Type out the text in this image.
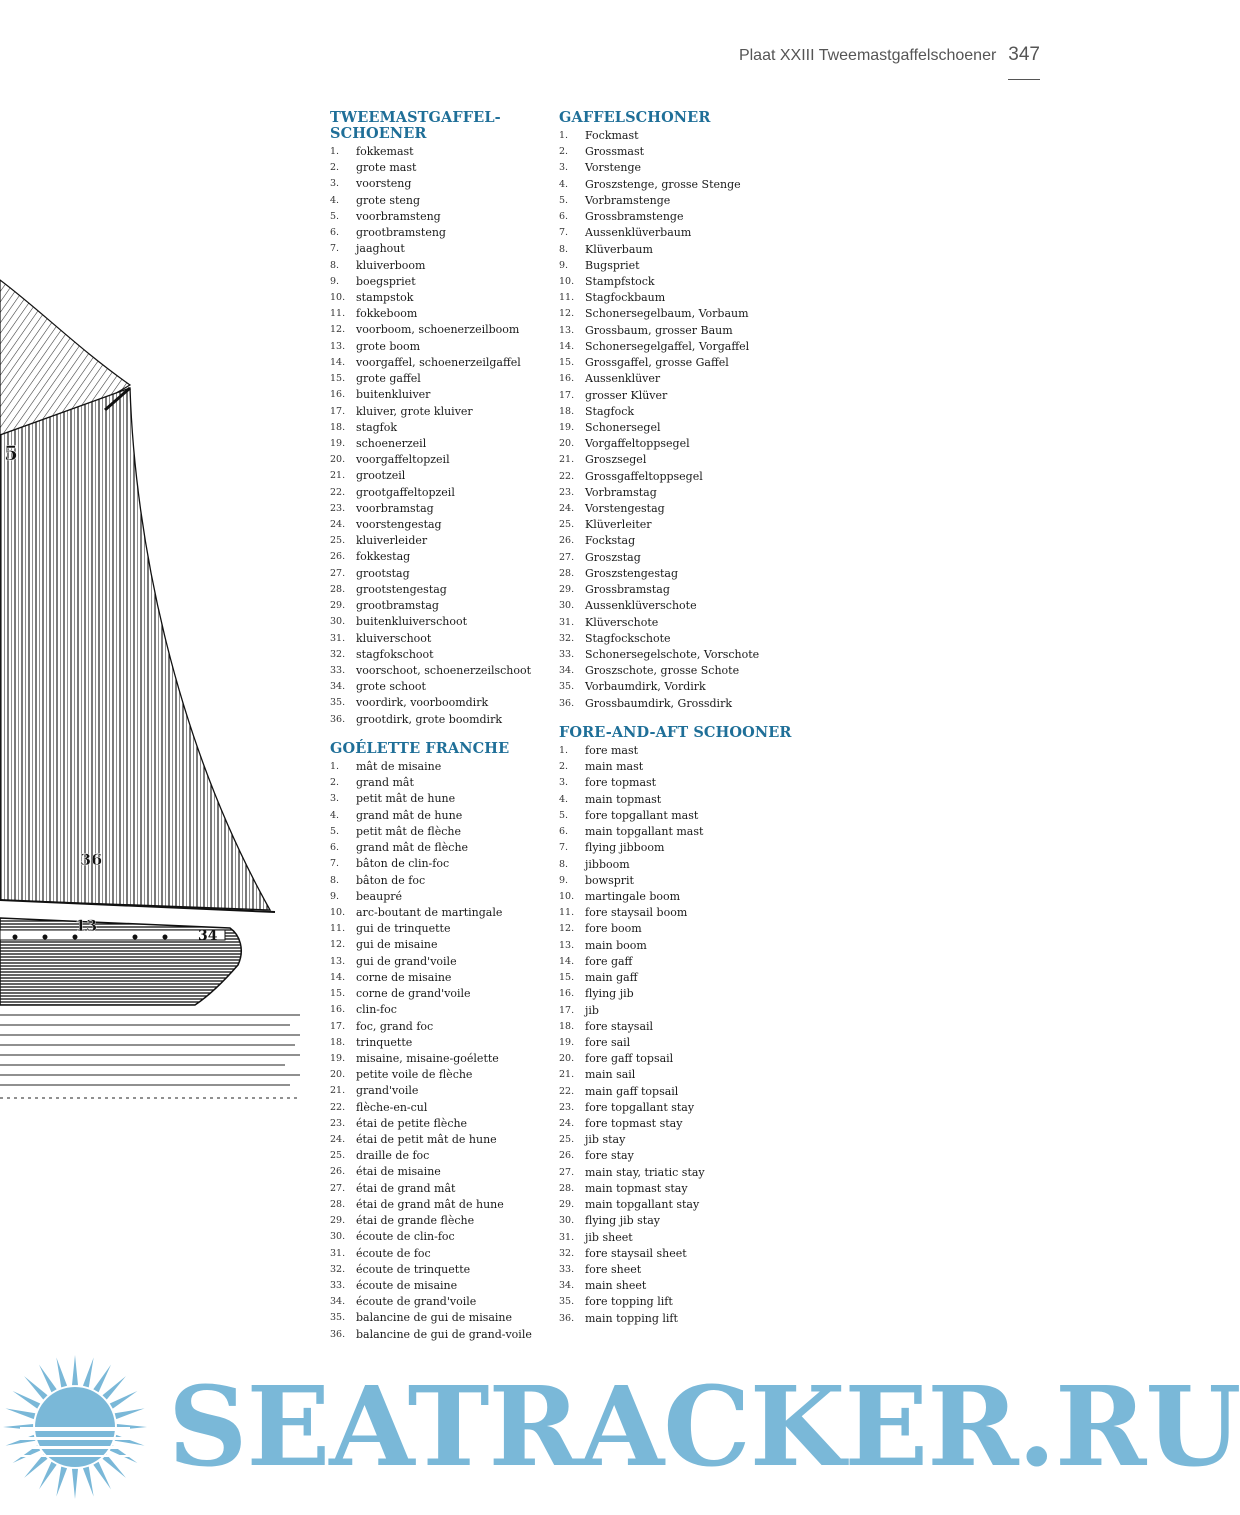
Plaat XXIII Tweemastgaffelschoener 347
5
36
13
34
TWEEMASTGAFFEL-
SCHOENER
1.	fokkemast
2.	grote mast
3.	voorsteng
4.	grote steng
5.	voorbramsteng
6.	grootbramsteng
7.	jaaghout
8.	kluiverboom
9.	boegspriet
10. stampstok
11. fokkeboom
12. voorboom, schoenerzeilboom
13. grote boom
14. voorgaffel, schoenerzeilgaffel
15. grote gaffel
16. buitenkluiver
17. kluiver, grote kluiver
18. stagfok
19. schoenerzeil
20. voorgaffeltopzeil
21. grootzeil
22. grootgaffeltopzeil
23. voorbramstag
24. voorstengestag
25. kluiverleider
26. fokkestag
27. grootstag
28. grootstengestag
29. grootbramstag
30. buitenkluiverschoot
31. kluiverschoot
32. stagfokschoot
33. voorschoot, schoenerzeilschoot
34. grote schoot
35. voordirk, voorboomdirk
36. grootdirk, grote boomdirk
GAFFELSCHONER
1.	Fockmast
2.	Grossmast
3.	Vorstenge
4.	Groszstenge, grosse Stenge
5.	Vorbramstenge
6.	Grossbramstenge
7.	Aussenklüverbaum
8.	Klüverbaum
9.	Bugspriet
10. Stampfstock
11. Stagfockbaum
12. Schonersegelbaum, Vorbaum
13. Grossbaum, grosser Baum
14. Schonersegelgaffel, Vorgaffel
15. Grossgaffel, grosse Gaffel
16. Aussenklüver
17. grosser Klüver
18. Stagfock
19. Schonersegel
20. Vorgaffeltoppsegel
21. Groszsegel
22. Grossgaffeltoppsegel
23. Vorbramstag
24. Vorstengestag
25. Klüverleiter
26. Fockstag
27. Groszstag
28. Groszstengestag
29. Grossbramstag
30. Aussenklüverschote
31. Klüverschote
32. Stagfockschote
33. Schonersegelschote, Vorschote
34. Groszschote, grosse Schote
35. Vorbaumdirk, Vordirk
36. Grossbaumdirk, Grossdirk
GOÉLETTE FRANCHE
1.	mât de misaine
2.	grand mât
3.	petit mât de hune
4.	grand mât de hune
5.	petit mât de flèche
6.	grand mât de flèche
7.	bâton de clin-foc
8.	bâton de foc
9.	beaupré
10. arc-boutant de martingale
11. gui de trinquette
12. gui de misaine
13. gui de grand'voile
14. corne de misaine
15. corne de grand'voile
16. clin-foc
17. foc, grand foc
18. trinquette
19. misaine, misaine-goélette
20. petite voile de flèche
21. grand'voile
22. flèche-en-cul
23. étai de petite flèche
24. étai de petit mât de hune
25. draille de foc
26. étai de misaine
27. étai de grand mât
28. étai de grand mât de hune
29. étai de grande flèche
30. écoute de clin-foc
31. écoute de foc
32. écoute de trinquette
33. écoute de misaine
34. écoute de grand'voile
35. balancine de gui de misaine
36. balancine de gui de grand-voile
FORE-AND-AFT SCHOONER
1.	fore mast
2.	main mast
3.	fore topmast
4.	main topmast
5.	fore topgallant mast
6.	main topgallant mast
7.	flying jibboom
8.	jibboom
9.	bowsprit
10. martingale boom
11. fore staysail boom
12. fore boom
13. main boom
14. fore gaff
15. main gaff
16. flying jib
17. jib
18. fore staysail
19. fore sail
20. fore gaff topsail
21. main sail
22. main gaff topsail
23. fore topgallant stay
24. fore topmast stay
25. jib stay
26. fore stay
27. main stay, triatic stay
28. main topmast stay
29. main topgallant stay
30. flying jib stay
31. jib sheet
32. fore staysail sheet
33. fore sheet
34. main sheet
35. fore topping lift
36. main topping lift
SEATRACKER.RU
